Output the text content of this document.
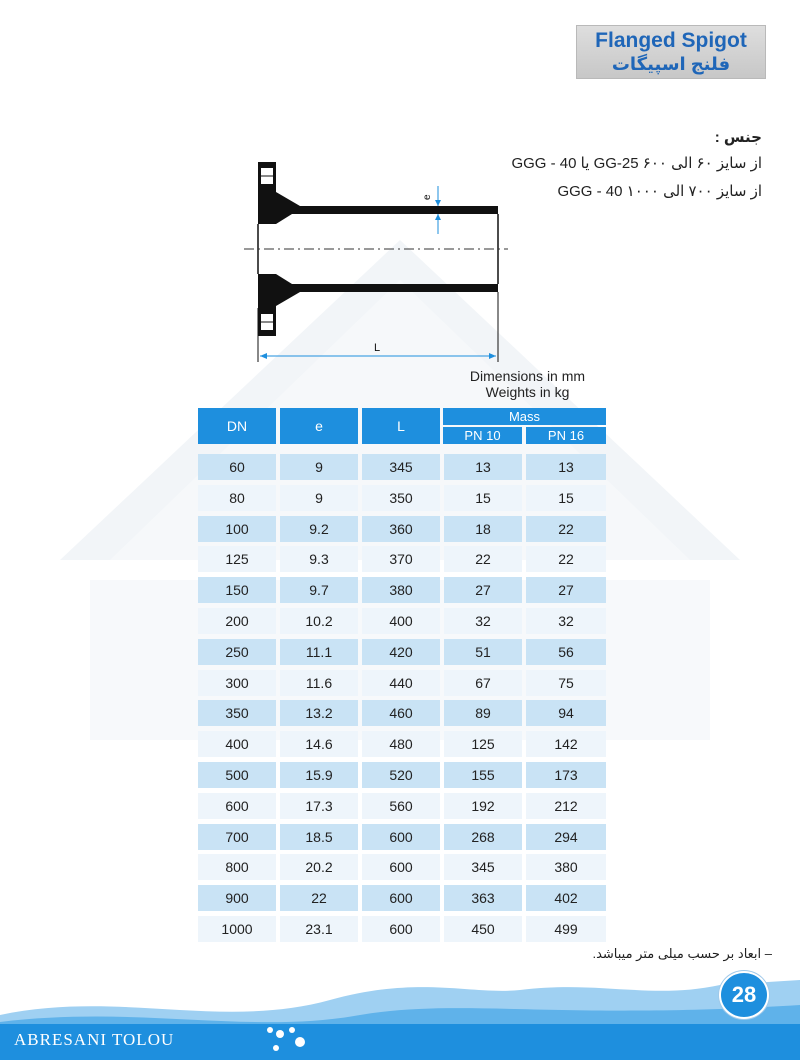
Flanged Spigot
فلنج اسپیگات
جنس :
از سایز ۶۰ الی ۶۰۰ GG-25 یا GGG - 40
از سایز ۷۰۰ الی ۱۰۰۰ GGG - 40
e
L
Dimensions in mm
Weights in kg
DN	e	L
Mass
PN 10	PN 16
60	9	345	13	13
80	9	350	15	15
100	9.2	360	18	22
125	9.3	370	22	22
150	9.7	380	27	27
200	10.2	400	32	32
250	11.1	420	51	56
300	11.6	440	67	75
350	13.2	460	89	94
400	14.6	480	125	142
500	15.9	520	155	173
600	17.3	560	192	212
700	18.5	600	268	294
800	20.2	600	345	380
900	22	600	363	402
1000	23.1	600	450	499
– ابعاد بر حسب میلی متر میباشد.
28
ABRESANI TOLOU
